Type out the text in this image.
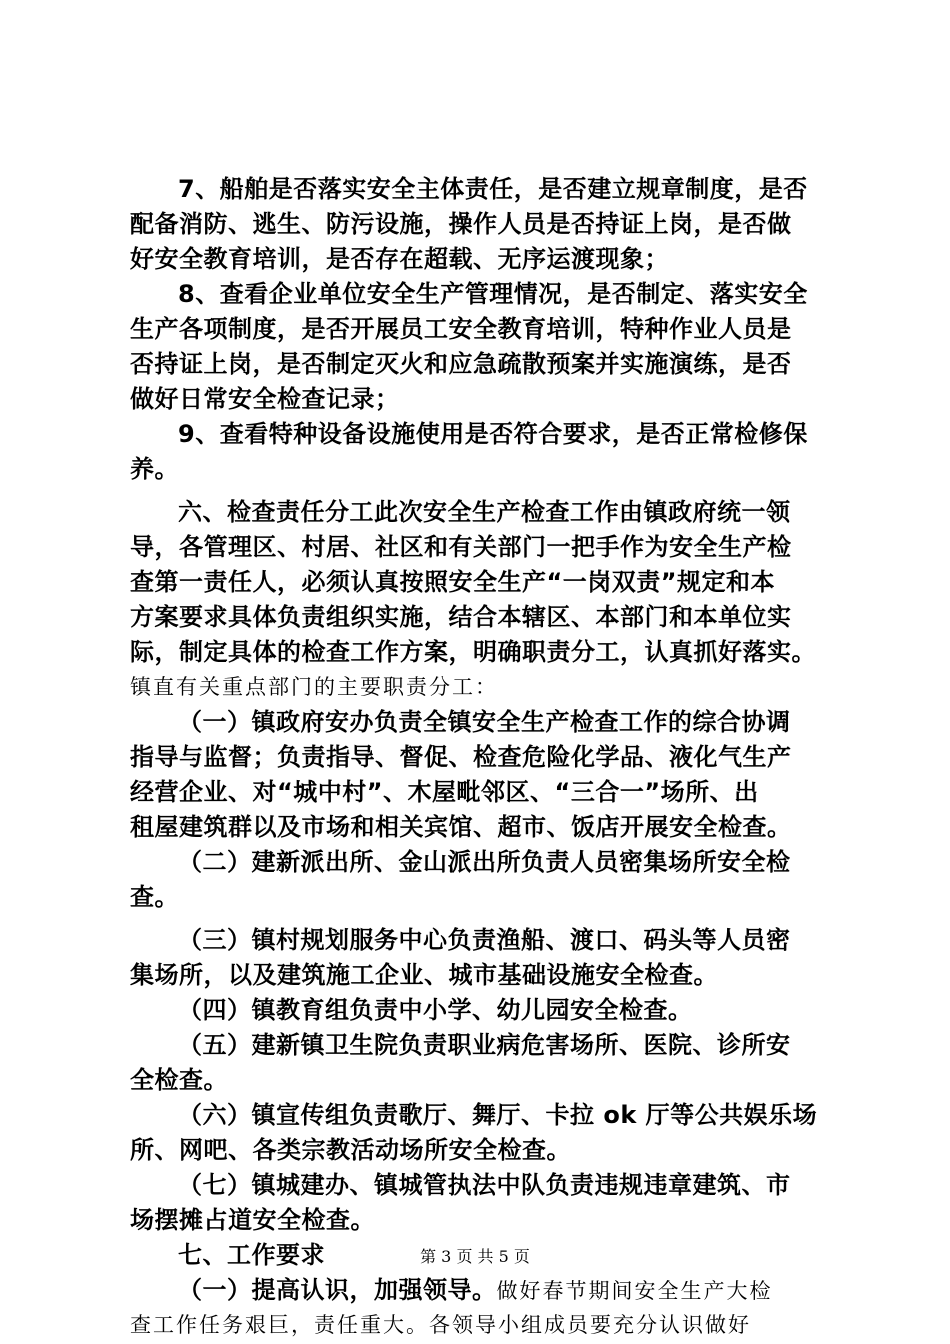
7、船舶是否落实安全主体责任，是否建立规章制度，是否
配备消防、逃生、防污设施，操作人员是否持证上岗，是否做
好安全教育培训，是否存在超载、无序运渡现象；
8、查看企业单位安全生产管理情况，是否制定、落实安全
生产各项制度，是否开展员工安全教育培训，特种作业人员是
否持证上岗，是否制定灭火和应急疏散预案并实施演练，是否
做好日常安全检查记录；
9、查看特种设备设施使用是否符合要求，是否正常检修保
养。
六、检查责任分工此次安全生产检查工作由镇政府统一领
导，各管理区、村居、社区和有关部门一把手作为安全生产检
查第一责任人，必须认真按照安全生产“一岗双责”规定和本
方案要求具体负责组织实施，结合本辖区、本部门和本单位实
际，制定具体的检查工作方案，明确职责分工，认真抓好落实。
镇直有关重点部门的主要职责分工：
（一）镇政府安办负责全镇安全生产检查工作的综合协调
指导与监督；负责指导、督促、检查危险化学品、液化气生产
经营企业、对“城中村”、木屋毗邻区、“三合一”场所、出
租屋建筑群以及市场和相关宾馆、超市、饭店开展安全检查。
（二）建新派出所、金山派出所负责人员密集场所安全检
查。
（三）镇村规划服务中心负责渔船、渡口、码头等人员密
集场所，以及建筑施工企业、城市基础设施安全检查。
（四）镇教育组负责中小学、幼儿园安全检查。
（五）建新镇卫生院负责职业病危害场所、医院、诊所安
全检查。
（六）镇宣传组负责歌厅、舞厅、卡拉 ok 厅等公共娱乐场
所、网吧、各类宗教活动场所安全检查。
（七）镇城建办、镇城管执法中队负责违规违章建筑、市
场摆摊占道安全检查。
七、工作要求
（一）提高认识，加强领导。做好春节期间安全生产大检
查工作任务艰巨，责任重大。各领导小组成员要充分认识做好
第 3 页 共 5 页
